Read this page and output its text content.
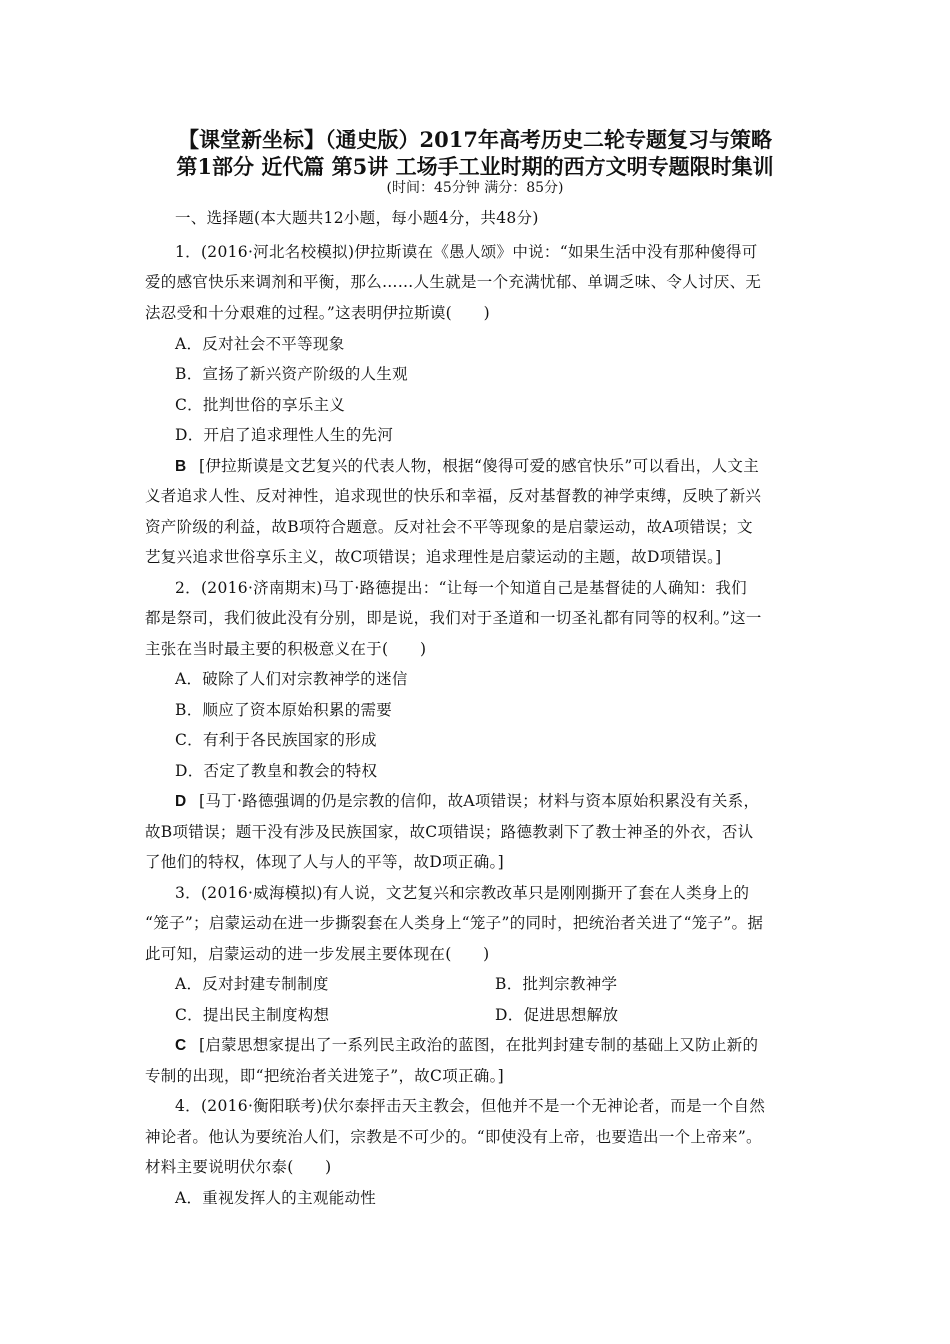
【课堂新坐标】（通史版）2017年高考历史二轮专题复习与策略
第1部分 近代篇 第5讲 工场手工业时期的西方文明专题限时集训
(时间：45分钟 满分：85分)
一、选择题(本大题共12小题，每小题4分，共48分)
1．(2016·河北名校模拟)伊拉斯谟在《愚人颂》中说：“如果生活中没有那种傻得可
爱的感官快乐来调剂和平衡，那么……人生就是一个充满忧郁、单调乏味、令人讨厌、无
法忍受和十分艰难的过程。”这表明伊拉斯谟(　　)
A．反对社会不平等现象
B．宣扬了新兴资产阶级的人生观
C．批判世俗的享乐主义
D．开启了追求理性人生的先河
B [伊拉斯谟是文艺复兴的代表人物，根据“傻得可爱的感官快乐”可以看出，人文主
义者追求人性、反对神性，追求现世的快乐和幸福，反对基督教的神学束缚，反映了新兴
资产阶级的利益，故B项符合题意。反对社会不平等现象的是启蒙运动，故A项错误；文
艺复兴追求世俗享乐主义，故C项错误；追求理性是启蒙运动的主题，故D项错误。]
2．(2016·济南期末)马丁·路德提出：“让每一个知道自己是基督徒的人确知：我们
都是祭司，我们彼此没有分别，即是说，我们对于圣道和一切圣礼都有同等的权利。”这一
主张在当时最主要的积极意义在于(　　)
A．破除了人们对宗教神学的迷信
B．顺应了资本原始积累的需要
C．有利于各民族国家的形成
D．否定了教皇和教会的特权
D [马丁·路德强调的仍是宗教的信仰，故A项错误；材料与资本原始积累没有关系，
故B项错误；题干没有涉及民族国家，故C项错误；路德教剥下了教士神圣的外衣，否认
了他们的特权，体现了人与人的平等，故D项正确。]
3．(2016·威海模拟)有人说，文艺复兴和宗教改革只是刚刚撕开了套在人类身上的
“笼子”；启蒙运动在进一步撕裂套在人类身上“笼子”的同时，把统治者关进了“笼子”。据
此可知，启蒙运动的进一步发展主要体现在(　　)
A．反对封建专制制度	B．批判宗教神学
C．提出民主制度构想	D．促进思想解放
C [启蒙思想家提出了一系列民主政治的蓝图，在批判封建专制的基础上又防止新的
专制的出现，即“把统治者关进笼子”，故C项正确。]
4．(2016·衡阳联考)伏尔泰抨击天主教会，但他并不是一个无神论者，而是一个自然
神论者。他认为要统治人们，宗教是不可少的。“即使没有上帝，也要造出一个上帝来”。
材料主要说明伏尔泰(　　)
A．重视发挥人的主观能动性
